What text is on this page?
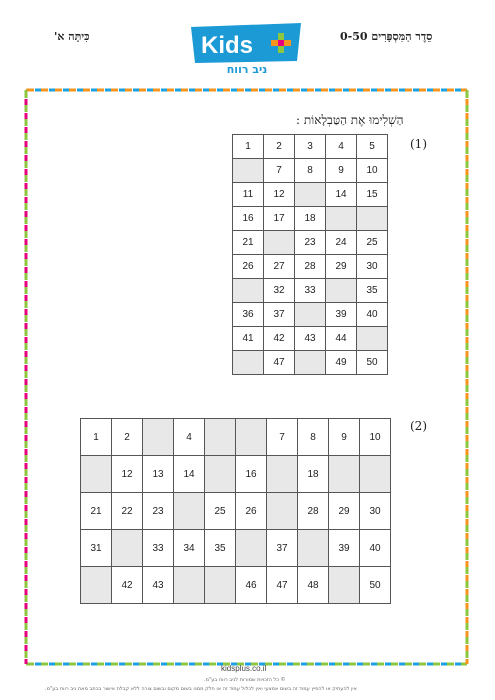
סֵדֶר הַמִּסְפָּרִים 0-50
כִּיתָּה א'	Kids
ניב רווח
הַשְׁלִימוּ אֶת הַטַּבְלָאוֹת :
(1)
(2)
1	2	3	4	5
	7	8	9	10
11	12		14	15
16	17	18		
21		23	24	25
26	27	28	29	30
	32	33		35
36	37		39	40
41	42	43	44	
	47		49	50
1	2		4			7	8	9	10
	12	13	14		16		18		
21	22	23		25	26		28	29	30
31		33	34	35		37		39	40
	42	43			46	47	48		50
kidsplus.co.il
© כל הזכויות שמורות לניב רווח בע"מ.
אין להעתיק או להפיץ עמוד זה בשום אמצעי ואין לכלול עמוד זה או חלק ממנו בשום מקום ובשום צורה ללא קבלת אישור בכתב מאת ניב רווח בע"מ.
